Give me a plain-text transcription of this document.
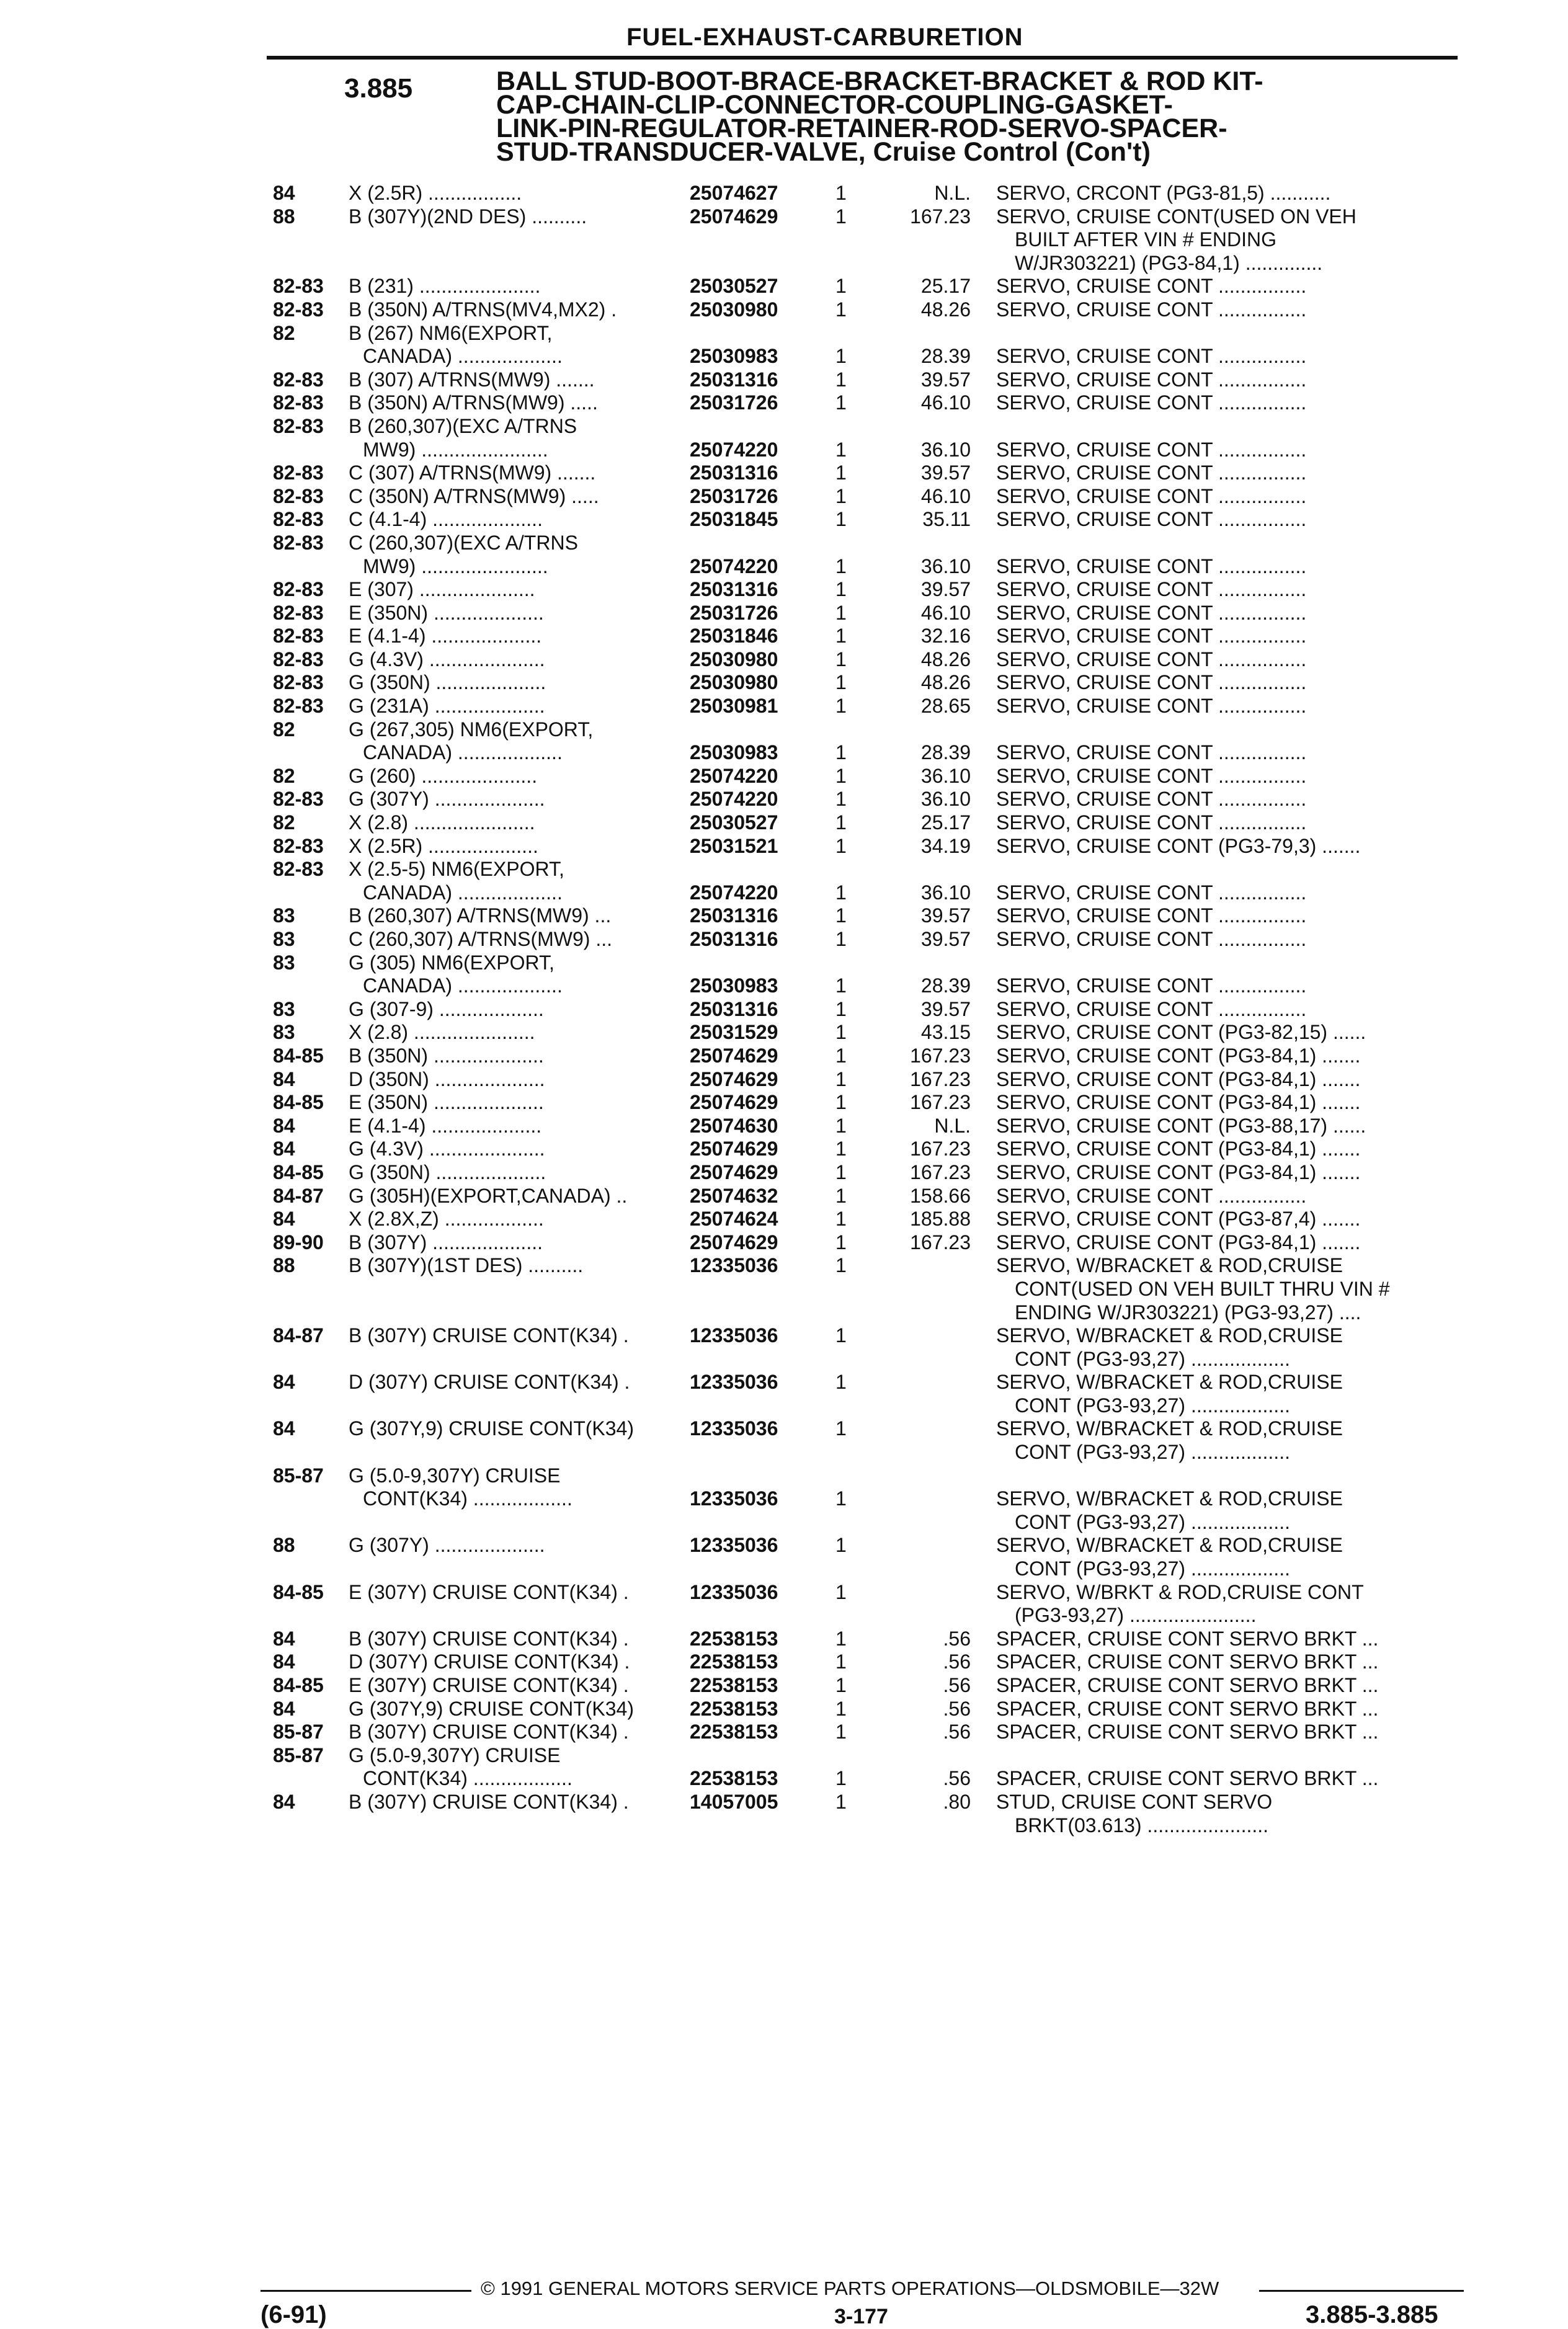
FUEL-EXHAUST-CARBURETION
3.885	BALL STUD-BOOT-BRACE-BRACKET-BRACKET & ROD KIT-
CAP-CHAIN-CLIP-CONNECTOR-COUPLING-GASKET-
LINK-PIN-REGULATOR-RETAINER-ROD-SERVO-SPACER-
STUD-TRANSDUCER-VALVE, Cruise Control (Con't)
84	X (2.5R) .................	25074627	1	N.L. SERVO, CRCONT (PG3-81,5) ...........
88	B (307Y)(2ND DES) ..........	25074629	1	167.23 SERVO, CRUISE CONT(USED ON VEH
BUILT AFTER VIN # ENDING
W/JR303221) (PG3-84,1) ..............
82-83 B (231) ......................	25030527	1	25.17 SERVO, CRUISE CONT ................
82-83 B (350N) A/TRNS(MV4,MX2) .	25030980	1	48.26 SERVO, CRUISE CONT ................
82	B (267) NM6(EXPORT,
CANADA) ...................	25030983	1	28.39 SERVO, CRUISE CONT ................
82-83 B (307) A/TRNS(MW9) .......	25031316	1	39.57 SERVO, CRUISE CONT ................
82-83 B (350N) A/TRNS(MW9) .....	25031726	1	46.10 SERVO, CRUISE CONT ................
82-83 B (260,307)(EXC A/TRNS
MW9) .......................	25074220	1	36.10 SERVO, CRUISE CONT ................
82-83 C (307) A/TRNS(MW9) .......	25031316	1	39.57 SERVO, CRUISE CONT ................
82-83 C (350N) A/TRNS(MW9) .....	25031726	1	46.10 SERVO, CRUISE CONT ................
82-83 C (4.1-4) ....................	25031845	1	35.11 SERVO, CRUISE CONT ................
82-83 C (260,307)(EXC A/TRNS
MW9) .......................	25074220	1	36.10 SERVO, CRUISE CONT ................
82-83 E (307) .....................	25031316	1	39.57 SERVO, CRUISE CONT ................
82-83 E (350N) ....................	25031726	1	46.10 SERVO, CRUISE CONT ................
82-83 E (4.1-4) ....................	25031846	1	32.16 SERVO, CRUISE CONT ................
82-83 G (4.3V) .....................	25030980	1	48.26 SERVO, CRUISE CONT ................
82-83 G (350N) ....................	25030980	1	48.26 SERVO, CRUISE CONT ................
82-83 G (231A) ....................	25030981	1	28.65 SERVO, CRUISE CONT ................
82	G (267,305) NM6(EXPORT,
CANADA) ...................	25030983	1	28.39 SERVO, CRUISE CONT ................
82	G (260) .....................	25074220	1	36.10 SERVO, CRUISE CONT ................
82-83 G (307Y) ....................	25074220	1	36.10 SERVO, CRUISE CONT ................
82	X (2.8) ......................	25030527	1	25.17 SERVO, CRUISE CONT ................
82-83 X (2.5R) ....................	25031521	1	34.19 SERVO, CRUISE CONT (PG3-79,3) .......
82-83 X (2.5-5) NM6(EXPORT,
CANADA) ...................	25074220	1	36.10 SERVO, CRUISE CONT ................
83	B (260,307) A/TRNS(MW9) ...	25031316	1	39.57 SERVO, CRUISE CONT ................
83	C (260,307) A/TRNS(MW9) ...	25031316	1	39.57 SERVO, CRUISE CONT ................
83	G (305) NM6(EXPORT,
CANADA) ...................	25030983	1	28.39 SERVO, CRUISE CONT ................
83	G (307-9) ...................	25031316	1	39.57 SERVO, CRUISE CONT ................
83	X (2.8) ......................	25031529	1	43.15 SERVO, CRUISE CONT (PG3-82,15) ......
84-85 B (350N) ....................	25074629	1	167.23 SERVO, CRUISE CONT (PG3-84,1) .......
84	D (350N) ....................	25074629	1	167.23 SERVO, CRUISE CONT (PG3-84,1) .......
84-85 E (350N) ....................	25074629	1	167.23 SERVO, CRUISE CONT (PG3-84,1) .......
84	E (4.1-4) ....................	25074630	1	N.L. SERVO, CRUISE CONT (PG3-88,17) ......
84	G (4.3V) .....................	25074629	1	167.23 SERVO, CRUISE CONT (PG3-84,1) .......
84-85 G (350N) ....................	25074629	1	167.23 SERVO, CRUISE CONT (PG3-84,1) .......
84-87 G (305H)(EXPORT,CANADA) ..	25074632	1	158.66 SERVO, CRUISE CONT ................
84	X (2.8X,Z) ..................	25074624	1	185.88 SERVO, CRUISE CONT (PG3-87,4) .......
89-90 B (307Y) ....................	25074629	1	167.23 SERVO, CRUISE CONT (PG3-84,1) .......
88	B (307Y)(1ST DES) ..........	12335036	1	SERVO, W/BRACKET & ROD,CRUISE
CONT(USED ON VEH BUILT THRU VIN #
ENDING W/JR303221) (PG3-93,27) ....
84-87 B (307Y) CRUISE CONT(K34) .	12335036	1	SERVO, W/BRACKET & ROD,CRUISE
CONT (PG3-93,27) ..................
84	D (307Y) CRUISE CONT(K34) .	12335036	1	SERVO, W/BRACKET & ROD,CRUISE
CONT (PG3-93,27) ..................
84	G (307Y,9) CRUISE CONT(K34)	12335036	1	SERVO, W/BRACKET & ROD,CRUISE
CONT (PG3-93,27) ..................
85-87 G (5.0-9,307Y) CRUISE
CONT(K34) ..................	12335036	1	SERVO, W/BRACKET & ROD,CRUISE
CONT (PG3-93,27) ..................
88	G (307Y) ....................	12335036	1	SERVO, W/BRACKET & ROD,CRUISE
CONT (PG3-93,27) ..................
84-85 E (307Y) CRUISE CONT(K34) .	12335036	1	SERVO, W/BRKT & ROD,CRUISE CONT
(PG3-93,27) .......................
84	B (307Y) CRUISE CONT(K34) .	22538153	1	.56 SPACER, CRUISE CONT SERVO BRKT ...
84	D (307Y) CRUISE CONT(K34) .	22538153	1	.56 SPACER, CRUISE CONT SERVO BRKT ...
84-85 E (307Y) CRUISE CONT(K34) .	22538153	1	.56 SPACER, CRUISE CONT SERVO BRKT ...
84	G (307Y,9) CRUISE CONT(K34)	22538153	1	.56 SPACER, CRUISE CONT SERVO BRKT ...
85-87 B (307Y) CRUISE CONT(K34) .	22538153	1	.56 SPACER, CRUISE CONT SERVO BRKT ...
85-87 G (5.0-9,307Y) CRUISE
CONT(K34) ..................	22538153	1	.56 SPACER, CRUISE CONT SERVO BRKT ...
84	B (307Y) CRUISE CONT(K34) .	14057005	1	.80 STUD, CRUISE CONT SERVO
BRKT(03.613) ......................
© 1991 GENERAL MOTORS SERVICE PARTS OPERATIONS—OLDSMOBILE—32W
(6-91)	3-177	3.885-3.885
